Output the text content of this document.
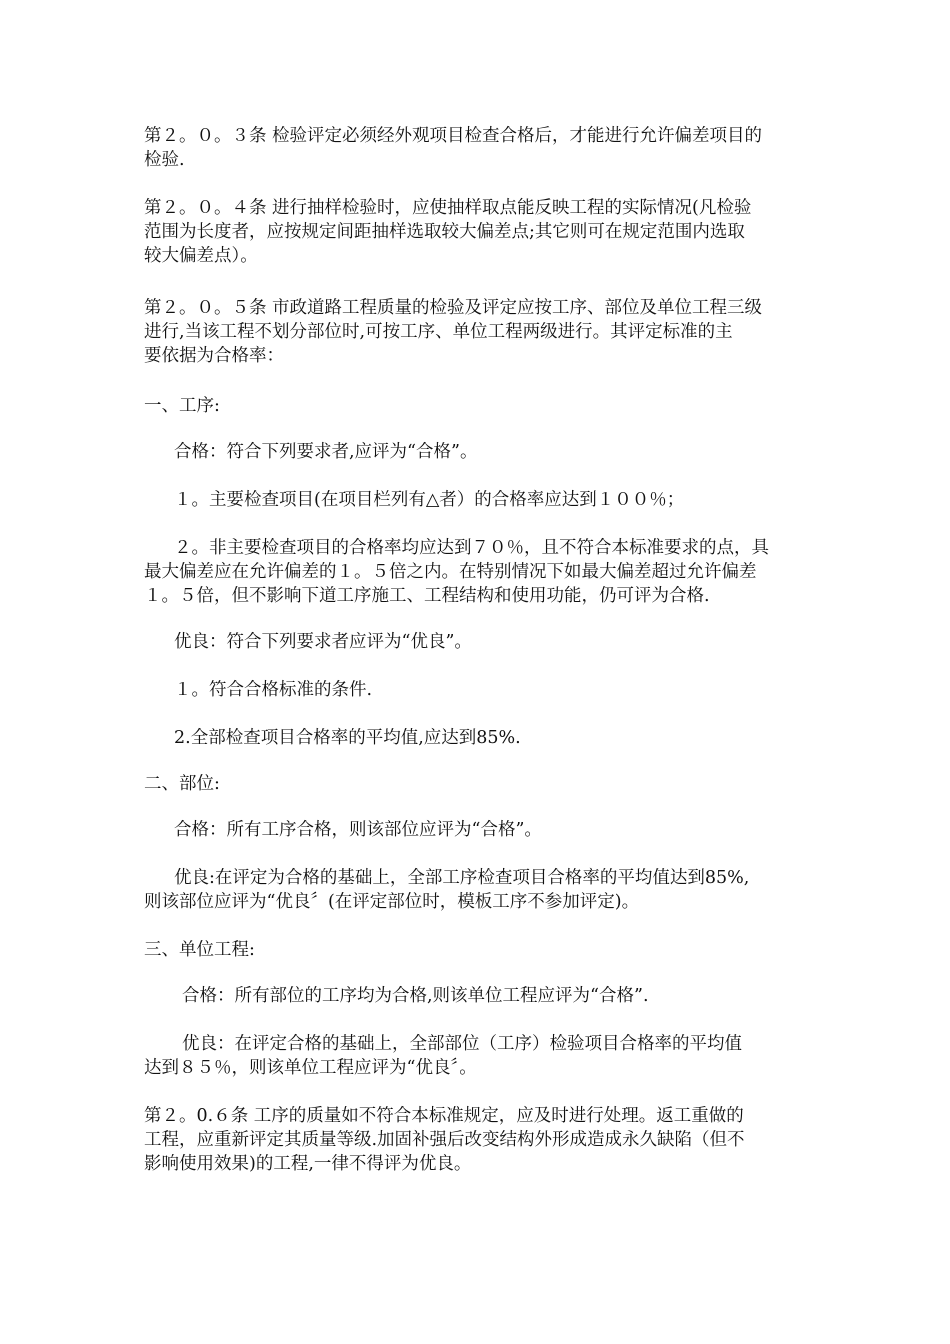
第２。０。３条 检验评定必须经外观项目检查合格后，才能进行允许偏差项目的
检验.
第２。０。４条 进行抽样检验时，应使抽样取点能反映工程的实际情况(凡检验
范围为长度者，应按规定间距抽样选取较大偏差点;其它则可在规定范围内选取
较大偏差点）。
第２。０。５条 市政道路工程质量的检验及评定应按工序、部位及单位工程三级
进行,当该工程不划分部位时,可按工序、单位工程两级进行。其评定标准的主
要依据为合格率：
一、工序:
合格：符合下列要求者,应评为“合格”。
１。主要检查项目(在项目栏列有△者）的合格率应达到１００％；
２。非主要检查项目的合格率均应达到７０％，且不符合本标准要求的点，具
最大偏差应在允许偏差的１。５倍之内。在特别情况下如最大偏差超过允许偏差
１。５倍，但不影响下道工序施工、工程结构和使用功能，仍可评为合格.
优良：符合下列要求者应评为“优良”。
１。符合合格标准的条件.
2.全部检查项目合格率的平均值,应达到85%.
二、部位:
合格：所有工序合格，则该部位应评为“合格”。
优良:在评定为合格的基础上，全部工序检查项目合格率的平均值达到85%,
则该部位应评为“优良〞(在评定部位时，模板工序不参加评定)。
三、单位工程:
合格：所有部位的工序均为合格,则该单位工程应评为“合格”.
优良：在评定合格的基础上，全部部位（工序）检验项目合格率的平均值
达到８５％，则该单位工程应评为“优良〞。
第２。0.６条 工序的质量如不符合本标准规定，应及时进行处理。返工重做的
工程，应重新评定其质量等级.加固补强后改变结构外形成造成永久缺陷（但不
影响使用效果)的工程,一律不得评为优良。
